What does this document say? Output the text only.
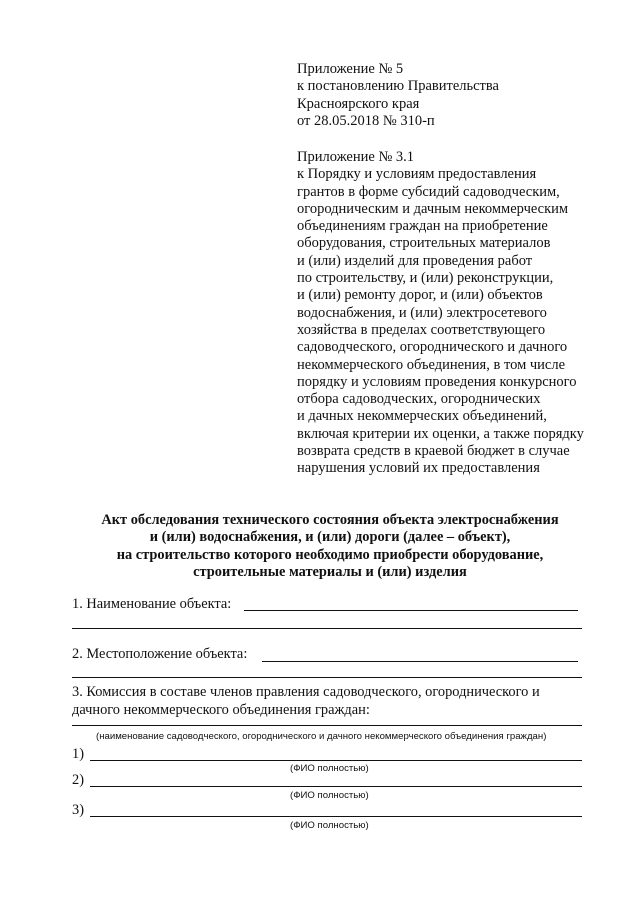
Приложение № 5
к постановлению Правительства
Красноярского края
от 28.05.2018 № 310-п
Приложение № 3.1
к Порядку и условиям предоставления
грантов в форме субсидий садоводческим,
огородническим и дачным некоммерческим
объединениям граждан на приобретение
оборудования, строительных материалов
и (или) изделий для проведения работ
по строительству, и (или) реконструкции,
и (или) ремонту дорог, и (или) объектов
водоснабжения, и (или) электросетевого
хозяйства в пределах соответствующего
садоводческого, огороднического и дачного
некоммерческого объединения, в том числе
порядку и условиям проведения конкурсного
отбора садоводческих, огороднических
и дачных некоммерческих объединений,
включая критерии их оценки, а также порядку
возврата средств в краевой бюджет в случае
нарушения условий их предоставления
Акт обследования технического состояния объекта электроснабжения
и (или) водоснабжения, и (или) дороги (далее – объект),
на строительство которого необходимо приобрести оборудование,
строительные материалы и (или) изделия
1. Наименование объекта:
2. Местоположение объекта:
3. Комиссия в составе членов правления садоводческого, огороднического и
дачного некоммерческого объединения граждан:
(наименование садоводческого, огороднического и дачного некоммерческого объединения граждан)
1)
(ФИО полностью)
2)
(ФИО полностью)
3)
(ФИО полностью)
